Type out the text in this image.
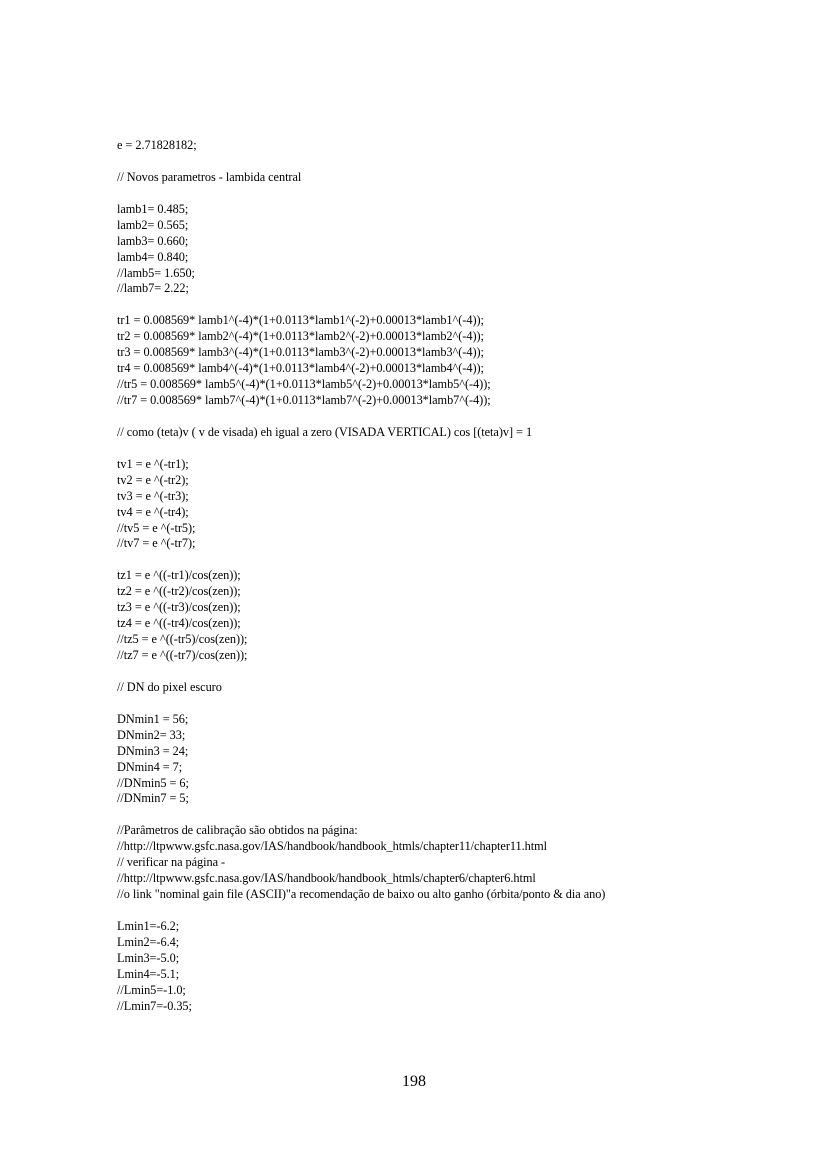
e = 2.71828182;
// Novos parametros - lambida central
lamb1= 0.485;
lamb2= 0.565;
lamb3= 0.660;
lamb4= 0.840;
//lamb5= 1.650;
//lamb7= 2.22;
tr1 = 0.008569* lamb1^(-4)*(1+0.0113*lamb1^(-2)+0.00013*lamb1^(-4));
tr2 = 0.008569* lamb2^(-4)*(1+0.0113*lamb2^(-2)+0.00013*lamb2^(-4));
tr3 = 0.008569* lamb3^(-4)*(1+0.0113*lamb3^(-2)+0.00013*lamb3^(-4));
tr4 = 0.008569* lamb4^(-4)*(1+0.0113*lamb4^(-2)+0.00013*lamb4^(-4));
//tr5 = 0.008569* lamb5^(-4)*(1+0.0113*lamb5^(-2)+0.00013*lamb5^(-4));
//tr7 = 0.008569* lamb7^(-4)*(1+0.0113*lamb7^(-2)+0.00013*lamb7^(-4));
// como (teta)v ( v de visada) eh igual a zero (VISADA VERTICAL) cos [(teta)v] = 1
tv1 = e ^(-tr1);
tv2 = e ^(-tr2);
tv3 = e ^(-tr3);
tv4 = e ^(-tr4);
//tv5 = e ^(-tr5);
//tv7 = e ^(-tr7);
tz1 = e ^((-tr1)/cos(zen));
tz2 = e ^((-tr2)/cos(zen));
tz3 = e ^((-tr3)/cos(zen));
tz4 = e ^((-tr4)/cos(zen));
//tz5 = e ^((-tr5)/cos(zen));
//tz7 = e ^((-tr7)/cos(zen));
// DN do pixel escuro
DNmin1 = 56;
DNmin2= 33;
DNmin3 = 24;
DNmin4 = 7;
//DNmin5 = 6;
//DNmin7 = 5;
//Parâmetros de calibração são obtidos na página:
//http://ltpwww.gsfc.nasa.gov/IAS/handbook/handbook_htmls/chapter11/chapter11.html
// verificar na página -
//http://ltpwww.gsfc.nasa.gov/IAS/handbook/handbook_htmls/chapter6/chapter6.html
//o link "nominal gain file (ASCII)"a recomendação de baixo ou alto ganho (órbita/ponto & dia ano)
Lmin1=-6.2;
Lmin2=-6.4;
Lmin3=-5.0;
Lmin4=-5.1;
//Lmin5=-1.0;
//Lmin7=-0.35;
198
